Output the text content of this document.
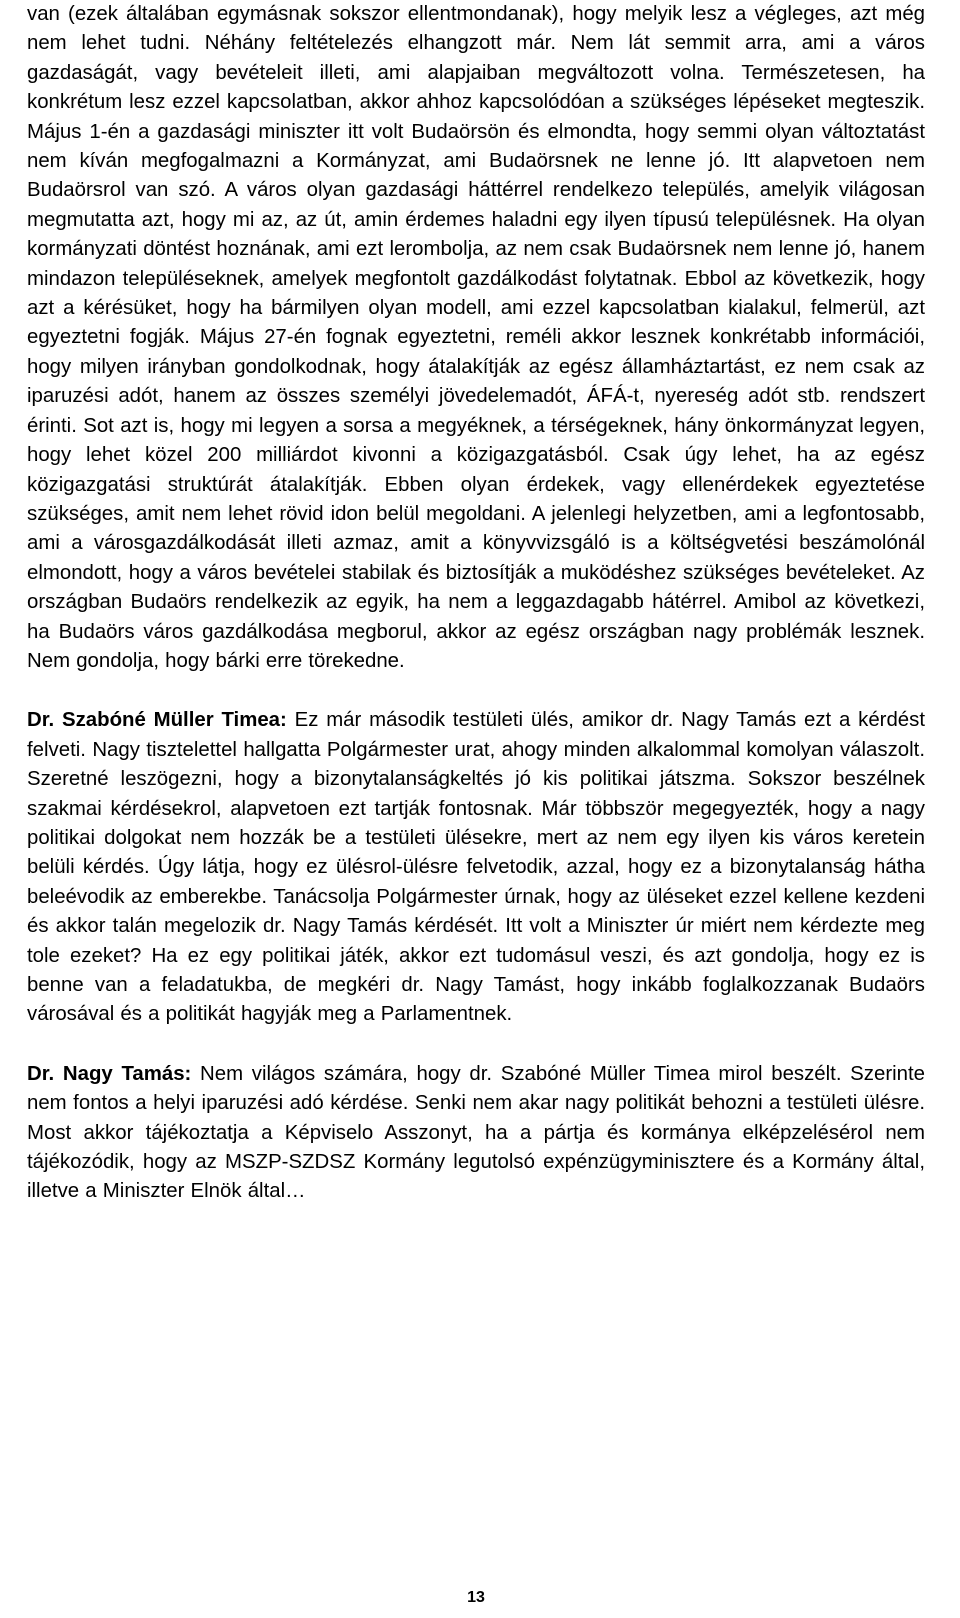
van (ezek általában egymásnak sokszor ellentmondanak), hogy melyik lesz a végleges, azt még nem lehet tudni. Néhány feltételezés elhangzott már. Nem lát semmit arra, ami a város gazdaságát, vagy bevételeit illeti, ami alapjaiban megváltozott volna. Természetesen, ha konkrétum lesz ezzel kapcsolatban, akkor ahhoz kapcsolódóan a szükséges lépéseket megteszik. Május 1-én a gazdasági miniszter itt volt Budaörsön és elmondta, hogy semmi olyan változtatást nem kíván megfogalmazni a Kormányzat, ami Budaörsnek ne lenne jó. Itt alapvetoen nem Budaörsrol van szó. A város olyan gazdasági háttérrel rendelkezo település, amelyik világosan megmutatta azt, hogy mi az, az út, amin érdemes haladni egy ilyen típusú településnek. Ha olyan kormányzati döntést hoznának, ami ezt lerombolja, az nem csak Budaörsnek nem lenne jó, hanem mindazon településeknek, amelyek megfontolt gazdálkodást folytatnak. Ebbol az következik, hogy azt a kérésüket, hogy ha bármilyen olyan modell, ami ezzel kapcsolatban kialakul, felmerül, azt egyeztetni fogják. Május 27-én fognak egyeztetni, reméli akkor lesznek konkrétabb információi, hogy milyen irányban gondolkodnak, hogy átalakítják az egész államháztartást, ez nem csak az iparuzési adót, hanem az összes személyi jövedelemadót, ÁFÁ-t, nyereség adót stb. rendszert érinti. Sot azt is, hogy mi legyen a sorsa a megyéknek, a térségeknek, hány önkormányzat legyen, hogy lehet közel 200 milliárdot kivonni a közigazgatásból. Csak úgy lehet, ha az egész közigazgatási struktúrát átalakítják. Ebben olyan érdekek, vagy ellenérdekek egyeztetése szükséges, amit nem lehet rövid idon belül megoldani. A jelenlegi helyzetben, ami a legfontosabb, ami a városgazdálkodását illeti azmaz, amit a könyvvizsgáló is a költségvetési beszámolónál elmondott, hogy a város bevételei stabilak és biztosítják a muködéshez szükséges bevételeket. Az országban Budaörs rendelkezik az egyik, ha nem a leggazdagabb hátérrel. Amibol az következi, ha Budaörs város gazdálkodása megborul, akkor az egész országban nagy problémák lesznek. Nem gondolja, hogy bárki erre törekedne.

Dr. Szabóné Müller Timea: Ez már második testületi ülés, amikor dr. Nagy Tamás ezt a kérdést felveti. Nagy tisztelettel hallgatta Polgármester urat, ahogy minden alkalommal komolyan válaszolt. Szeretné leszögezni, hogy a bizonytalanságkeltés jó kis politikai játszma. Sokszor beszélnek szakmai kérdésekrol, alapvetoen ezt tartják fontosnak. Már többször megegyezték, hogy a nagy politikai dolgokat nem hozzák be a testületi ülésekre, mert az nem egy ilyen kis város keretein belüli kérdés. Úgy látja, hogy ez ülésrol-ülésre felvetodik, azzal, hogy ez a bizonytalanság hátha beleévodik az emberekbe. Tanácsolja Polgármester úrnak, hogy az üléseket ezzel kellene kezdeni és akkor talán megelozik dr. Nagy Tamás kérdését. Itt volt a Miniszter úr miért nem kérdezte meg tole ezeket? Ha ez egy politikai játék, akkor ezt tudomásul veszi, és azt gondolja, hogy ez is benne van a feladatukba, de megkéri dr. Nagy Tamást, hogy inkább foglalkozzanak Budaörs városával és a politikát hagyják meg a Parlamentnek.

Dr. Nagy Tamás: Nem világos számára, hogy dr. Szabóné Müller Timea mirol beszélt. Szerinte nem fontos a helyi iparuzési adó kérdése. Senki nem akar nagy politikát behozni a testületi ülésre. Most akkor tájékoztatja a Képviselo Asszonyt, ha a pártja és kormánya elképzelésérol nem tájékozódik, hogy az MSZP-SZDSZ Kormány legutolsó expénzügyminisztere és a Kormány által, illetve a Miniszter Elnök által…

13
